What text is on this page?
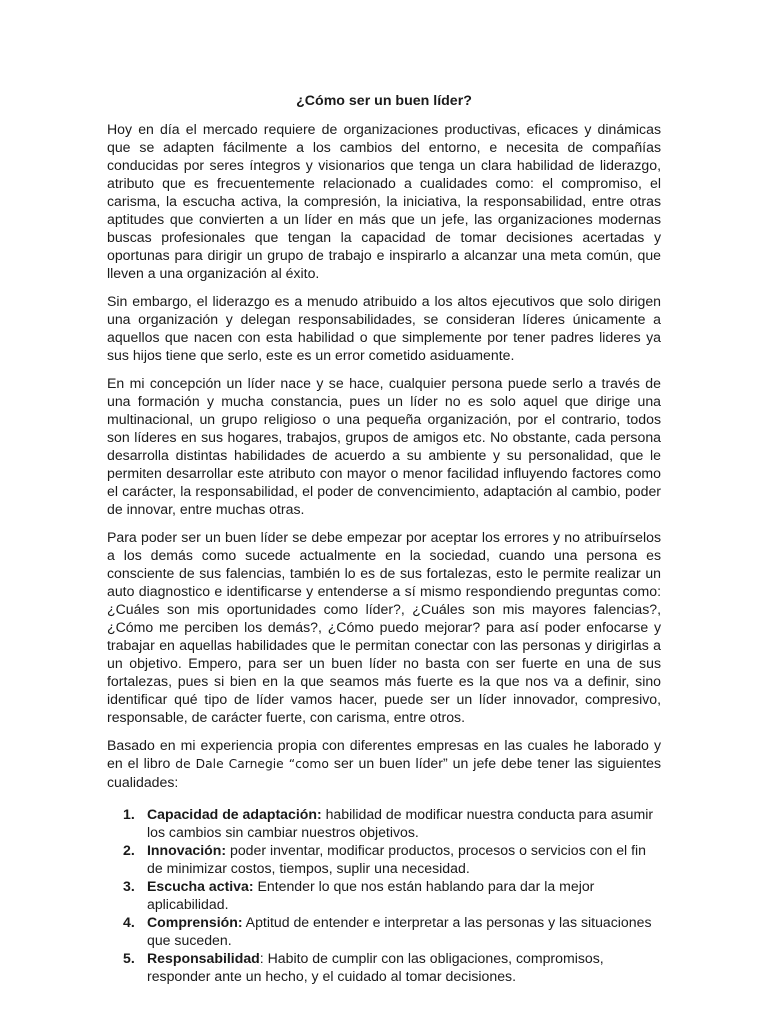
¿Cómo ser un buen líder?

Hoy en día el mercado requiere de organizaciones productivas, eficaces y dinámicas que se adapten fácilmente a los cambios del entorno, e necesita de compañías conducidas por seres íntegros y visionarios que tenga un clara habilidad de liderazgo, atributo que es frecuentemente relacionado a cualidades como: el compromiso, el carisma, la escucha activa, la compresión, la iniciativa, la responsabilidad, entre otras aptitudes que convierten a un líder en más que un jefe, las organizaciones modernas buscas profesionales que tengan la capacidad de tomar decisiones acertadas y oportunas para dirigir un grupo de trabajo e inspirarlo a alcanzar una meta común, que lleven a una organización al éxito.

Sin embargo, el liderazgo es a menudo atribuido a los altos ejecutivos que solo dirigen una organización y delegan responsabilidades, se consideran líderes únicamente a aquellos que nacen con esta habilidad o que simplemente por tener padres lideres ya sus hijos tiene que serlo, este es un error cometido asiduamente.

En mi concepción un líder nace y se hace, cualquier persona puede serlo a través de una formación y mucha constancia, pues un líder no es solo aquel que dirige una multinacional, un grupo religioso o una pequeña organización, por el contrario, todos son líderes en sus hogares, trabajos, grupos de amigos etc. No obstante, cada persona desarrolla distintas habilidades de acuerdo a su ambiente y su personalidad, que le permiten desarrollar este atributo con mayor o menor facilidad influyendo factores como el carácter, la responsabilidad, el poder de convencimiento, adaptación al cambio, poder de innovar, entre muchas otras.

Para poder ser un buen líder se debe empezar por aceptar los errores y no atribuírselos a los demás como sucede actualmente en la sociedad, cuando una persona es consciente de sus falencias, también lo es de sus fortalezas, esto le permite realizar un auto diagnostico e identificarse y entenderse a sí mismo respondiendo preguntas como: ¿Cuáles son mis oportunidades como líder?, ¿Cuáles son mis mayores falencias?, ¿Cómo me perciben los demás?, ¿Cómo puedo mejorar? para así poder enfocarse y trabajar en aquellas habilidades que le permitan conectar con las personas y dirigirlas a un objetivo. Empero, para ser un buen líder no basta con ser fuerte en una de sus fortalezas, pues si bien en la que seamos más fuerte es la que nos va a definir, sino identificar qué tipo de líder vamos hacer, puede ser un líder innovador, compresivo, responsable, de carácter fuerte, con carisma, entre otros.

Basado en mi experiencia propia con diferentes empresas en las cuales he laborado y en el libro de Dale Carnegie “como ser un buen líder” un jefe debe tener las siguientes cualidades:

1. Capacidad de adaptación: habilidad de modificar nuestra conducta para asumir los cambios sin cambiar nuestros objetivos.
2. Innovación: poder inventar, modificar productos, procesos o servicios con el fin de minimizar costos, tiempos, suplir una necesidad.
3. Escucha activa: Entender lo que nos están hablando para dar la mejor aplicabilidad.
4. Comprensión: Aptitud de entender e interpretar a las personas y las situaciones que suceden.
5. Responsabilidad: Habito de cumplir con las obligaciones, compromisos, responder ante un hecho, y el cuidado al tomar decisiones.
